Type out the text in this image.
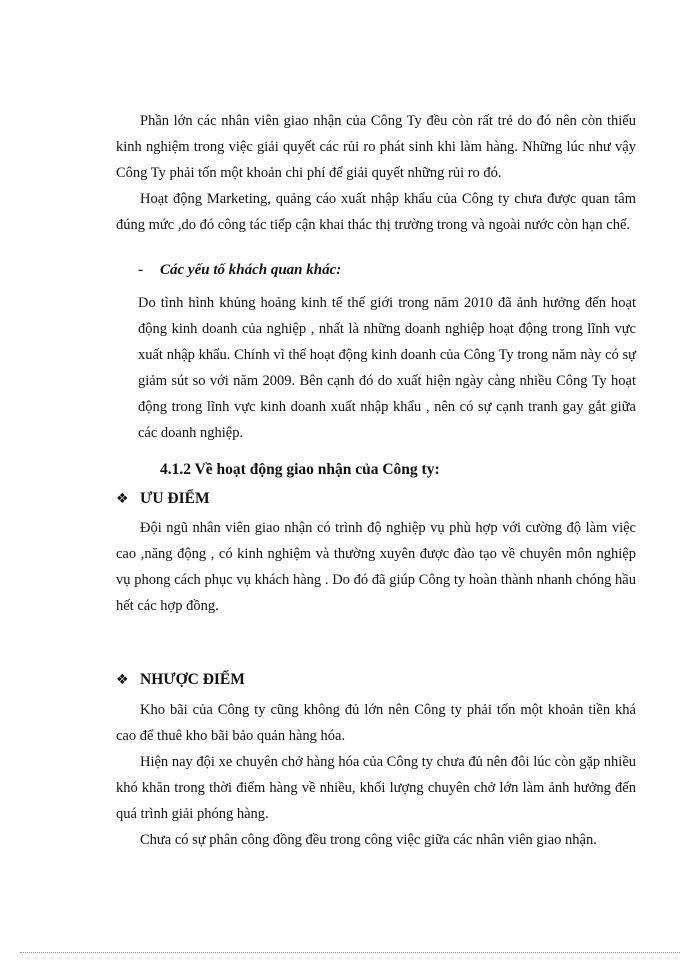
Phần lớn các nhân viên giao nhận của Công Ty đều còn rất trẻ do đó nên còn thiếu kinh nghiệm trong việc giải quyết các rủi ro phát sinh khi làm hàng. Những lúc như vậy Công Ty phải tốn một khoản chi phí để giải quyết những rủi ro đó.

Hoạt động Marketing, quảng cáo xuất nhập khẩu của Công ty chưa được quan tâm đúng mức ,do đó công tác tiếp cận khai thác thị trường trong và ngoài nước còn hạn chế.

- Các yếu tố khách quan khác:

Do tình hình khủng hoảng kinh tế thế giới trong năm 2010 đã ảnh hưởng đến hoạt động kinh doanh của nghiệp , nhất là những doanh nghiệp hoạt động trong lĩnh vực xuất nhập khẩu. Chính vì thế hoạt động kinh doanh của Công Ty trong năm này có sự giảm sút so với năm 2009. Bên cạnh đó do xuất hiện ngày càng nhiều Công Ty hoạt động trong lĩnh vực kinh doanh xuất nhập khẩu , nên có sự cạnh tranh gay gắt giữa các doanh nghiệp.

4.1.2 Về hoạt động giao nhận của Công ty:
❖ ƯU ĐIỂM

Đội ngũ nhân viên giao nhận có trình độ nghiệp vụ phù hợp với cường độ làm việc cao ,năng động , có kinh nghiệm và thường xuyên được đào tạo về chuyên môn nghiệp vụ phong cách phục vụ khách hàng . Do đó đã giúp Công ty hoàn thành nhanh chóng hầu hết các hợp đồng.

❖ NHƯỢC ĐIỂM

Kho bãi của Công ty cũng không đủ lớn nên Công ty phải tốn một khoản tiền khá cao để thuê kho bãi bảo quản hàng hóa.

Hiện nay đội xe chuyên chở hàng hóa của Công ty chưa đủ nên đôi lúc còn gặp nhiều khó khăn trong thời điểm hàng về nhiều, khối lượng chuyên chở lớn làm ảnh hưởng đến quá trình giải phóng hàng.

Chưa có sự phân công đồng đều trong công việc giữa các nhân viên giao nhận.
